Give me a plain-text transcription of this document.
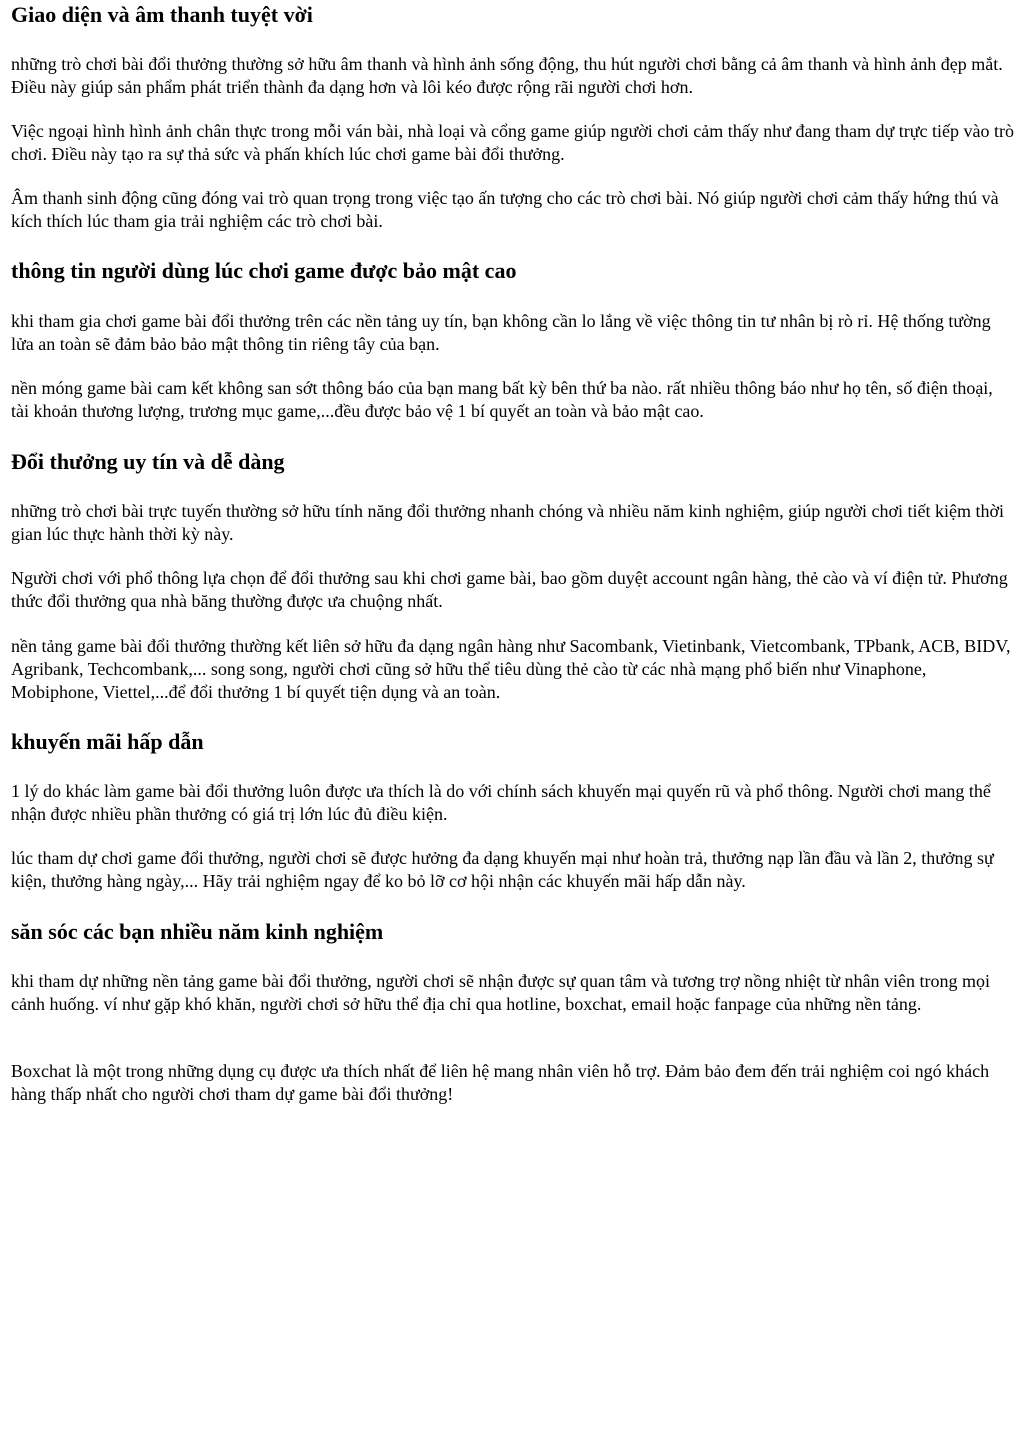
Giao diện và âm thanh tuyệt vời

những trò chơi bài đổi thưởng thường sở hữu âm thanh và hình ảnh sống động, thu hút người chơi bằng cả âm thanh và hình ảnh đẹp mắt. Điều này giúp sản phẩm phát triển thành đa dạng hơn và lôi kéo được rộng rãi người chơi hơn.

Việc ngoại hình hình ảnh chân thực trong mỗi ván bài, nhà loại và cổng game giúp người chơi cảm thấy như đang tham dự trực tiếp vào trò chơi. Điều này tạo ra sự thả sức và phấn khích lúc chơi game bài đổi thưởng.

Âm thanh sinh động cũng đóng vai trò quan trọng trong việc tạo ấn tượng cho các trò chơi bài. Nó giúp người chơi cảm thấy hứng thú và kích thích lúc tham gia trải nghiệm các trò chơi bài.

thông tin người dùng lúc chơi game được bảo mật cao

khi tham gia chơi game bài đổi thưởng trên các nền tảng uy tín, bạn không cần lo lắng về việc thông tin tư nhân bị rò rỉ. Hệ thống tường lửa an toàn sẽ đảm bảo bảo mật thông tin riêng tây của bạn.

nền móng game bài cam kết không san sớt thông báo của bạn mang bất kỳ bên thứ ba nào. rất nhiều thông báo như họ tên, số điện thoại, tài khoản thương lượng, trương mục game,...đều được bảo vệ 1 bí quyết an toàn và bảo mật cao.

Đổi thưởng uy tín và dễ dàng

những trò chơi bài trực tuyến thường sở hữu tính năng đổi thưởng nhanh chóng và nhiều năm kinh nghiệm, giúp người chơi tiết kiệm thời gian lúc thực hành thời kỳ này.

Người chơi với phổ thông lựa chọn để đổi thưởng sau khi chơi game bài, bao gồm duyệt account ngân hàng, thẻ cào và ví điện tử. Phương thức đổi thưởng qua nhà băng thường được ưa chuộng nhất.

nền tảng game bài đổi thưởng thường kết liên sở hữu đa dạng ngân hàng như Sacombank, Vietinbank, Vietcombank, TPbank, ACB, BIDV, Agribank, Techcombank,... song song, người chơi cũng sở hữu thể tiêu dùng thẻ cào từ các nhà mạng phổ biến như Vinaphone, Mobiphone, Viettel,...để đổi thưởng 1 bí quyết tiện dụng và an toàn.

khuyến mãi hấp dẫn

1 lý do khác làm game bài đổi thưởng luôn được ưa thích là do với chính sách khuyến mại quyến rũ và phổ thông. Người chơi mang thể nhận được nhiều phần thưởng có giá trị lớn lúc đủ điều kiện.

lúc tham dự chơi game đổi thưởng, người chơi sẽ được hưởng đa dạng khuyến mại như hoàn trả, thưởng nạp lần đầu và lần 2, thưởng sự kiện, thưởng hàng ngày,... Hãy trải nghiệm ngay để ko bỏ lỡ cơ hội nhận các khuyến mãi hấp dẫn này.

săn sóc các bạn nhiều năm kinh nghiệm

khi tham dự những nền tảng game bài đổi thưởng, người chơi sẽ nhận được sự quan tâm và tương trợ nồng nhiệt từ nhân viên trong mọi cảnh huống. ví như gặp khó khăn, người chơi sở hữu thể địa chỉ qua hotline, boxchat, email hoặc fanpage của những nền tảng.

Boxchat là một trong những dụng cụ được ưa thích nhất để liên hệ mang nhân viên hỗ trợ. Đảm bảo đem đến trải nghiệm coi ngó khách hàng thấp nhất cho người chơi tham dự game bài đổi thưởng!
